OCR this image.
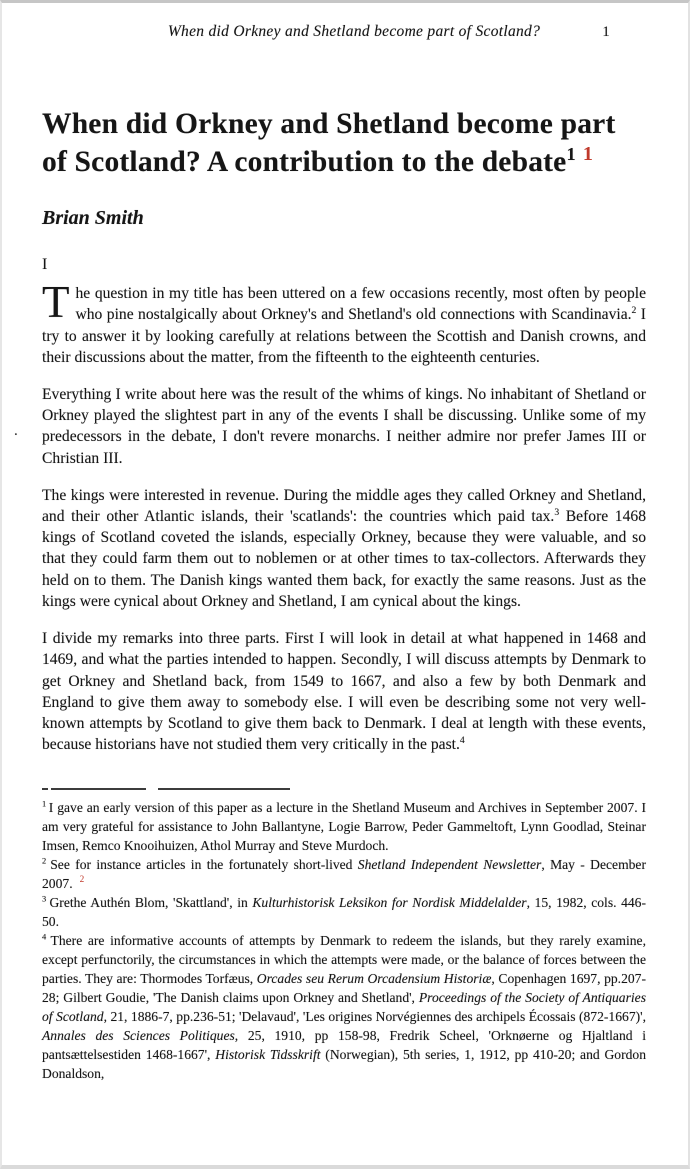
When did Orkney and Shetland become part of Scotland?	1
When did Orkney and Shetland become part of Scotland? A contribution to the debate$^1$ $^1$
Brian Smith
I

The question in my title has been uttered on a few occasions recently, most often by people who pine nostalgically about Orkney's and Shetland's old connections with Scandinavia.$^2$ I try to answer it by looking carefully at relations between the Scottish and Danish crowns, and their discussions about the matter, from the fifteenth to the eighteenth centuries.

Everything I write about here was the result of the whims of kings. No inhabitant of Shetland or Orkney played the slightest part in any of the events I shall be discussing. Unlike some of my predecessors in the debate, I don't revere monarchs. I neither admire nor prefer James III or Christian III.

The kings were interested in revenue. During the middle ages they called Orkney and Shetland, and their other Atlantic islands, their 'scatlands': the countries which paid tax.$^3$ Before 1468 kings of Scotland coveted the islands, especially Orkney, because they were valuable, and so that they could farm them out to noblemen or at other times to tax-collectors. Afterwards they held on to them. The Danish kings wanted them back, for exactly the same reasons. Just as the kings were cynical about Orkney and Shetland, I am cynical about the kings.

I divide my remarks into three parts. First I will look in detail at what happened in 1468 and 1469, and what the parties intended to happen. Secondly, I will discuss attempts by Denmark to get Orkney and Shetland back, from 1549 to 1667, and also a few by both Denmark and England to give them away to somebody else. I will even be describing some not very well-known attempts by Scotland to give them back to Denmark. I deal at length with these events, because historians have not studied them very critically in the past.$^4$

$^1$ I gave an early version of this paper as a lecture in the Shetland Museum and Archives in September 2007. I am very grateful for assistance to John Ballantyne, Logie Barrow, Peder Gammeltoft, Lynn Goodlad, Steinar Imsen, Remco Knooihuizen, Athol Murray and Steve Murdoch.

$^2$ See for instance articles in the fortunately short-lived Shetland Independent Newsletter, May - December 2007. $^2$

$^3$ Grethe Authén Blom, 'Skattland', in Kulturhistorisk Leksikon for Nordisk Middelalder, 15, 1982, cols. 446-50.

$^4$ There are informative accounts of attempts by Denmark to redeem the islands, but they rarely examine, except perfunctorily, the circumstances in which the attempts were made, or the balance of forces between the parties. They are: Thormodes Torfæus, Orcades seu Rerum Orcadensium Historiæ, Copenhagen 1697, pp.207-28; Gilbert Goudie, 'The Danish claims upon Orkney and Shetland', Proceedings of the Society of Antiquaries of Scotland, 21, 1886-7, pp.236-51; 'Delavaud', 'Les origines Norvégiennes des archipels Écossais (872-1667)', Annales des Sciences Politiques, 25, 1910, pp 158-98, Fredrik Scheel, 'Orknøerne og Hjaltland i pantsættelsestiden 1468-1667', Historisk Tidsskrift (Norwegian), 5th series, 1, 1912, pp 410-20; and Gordon Donaldson,

.
